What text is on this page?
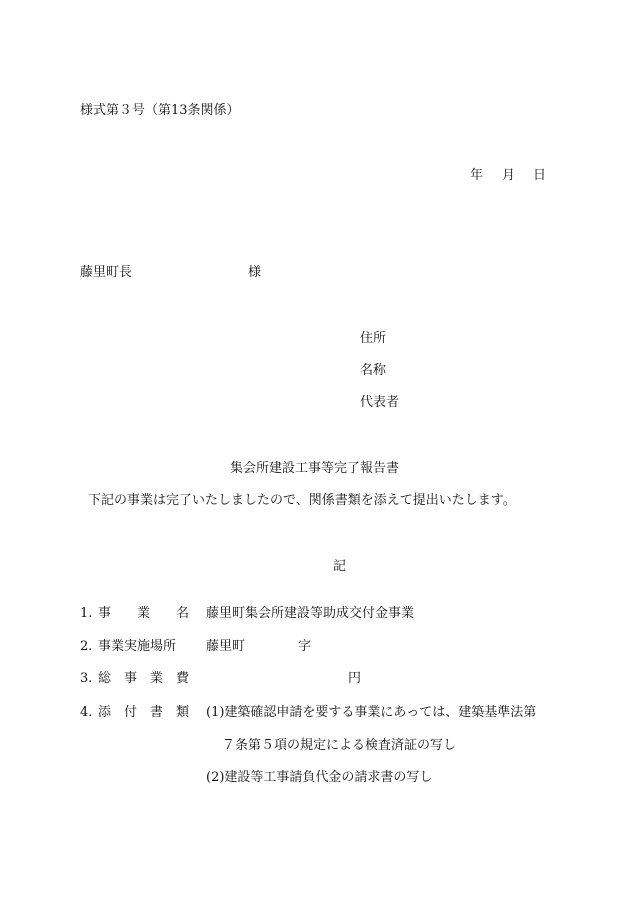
様式第３号（第13条関係）
年 月 日
藤里町長	様
住所
名称
代表者
集会所建設工事等完了報告書
下記の事業は完了いたしましたので、関係書類を添えて提出いたします。
記
1. 事　　業　　名 藤里町集会所建設等助成交付金事業
2. 事業実施場所 藤里町	字
3. 総　事　業　費	円
4. 添　付　書　類 (1)建築確認申請を要する事業にあっては、建築基準法第
７条第５項の規定による検査済証の写し
(2)建設等工事請負代金の請求書の写し
